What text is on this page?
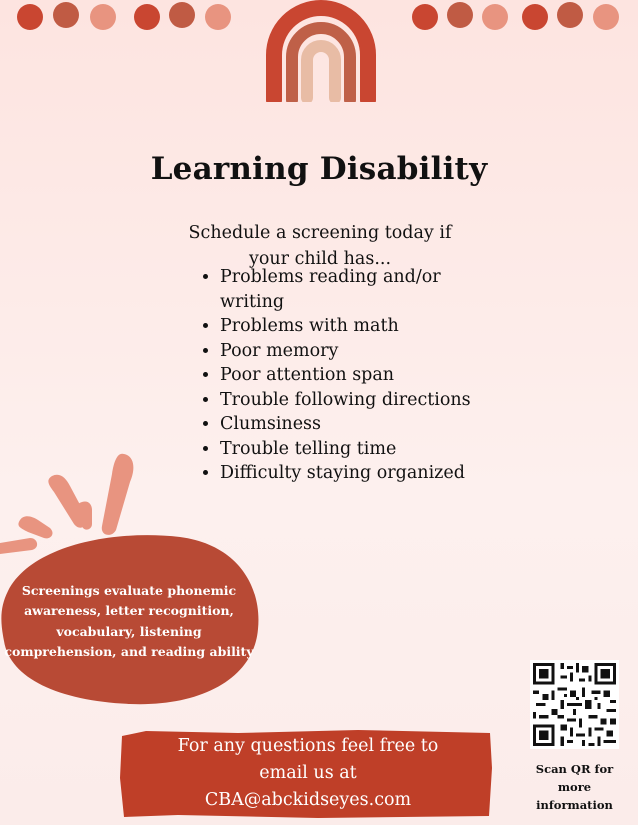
Learning Disability

Schedule a screening today if your child has...

• Problems reading and/or writing
• Problems with math
• Poor memory
• Poor attention span
• Trouble following directions
• Clumsiness
• Trouble telling time
• Difficulty staying organized

Screenings evaluate phonemic awareness, letter recognition, vocabulary, listening comprehension, and reading ability

For any questions feel free to
email us at
CBA@abckidseyes.com
Scan QR for more information
